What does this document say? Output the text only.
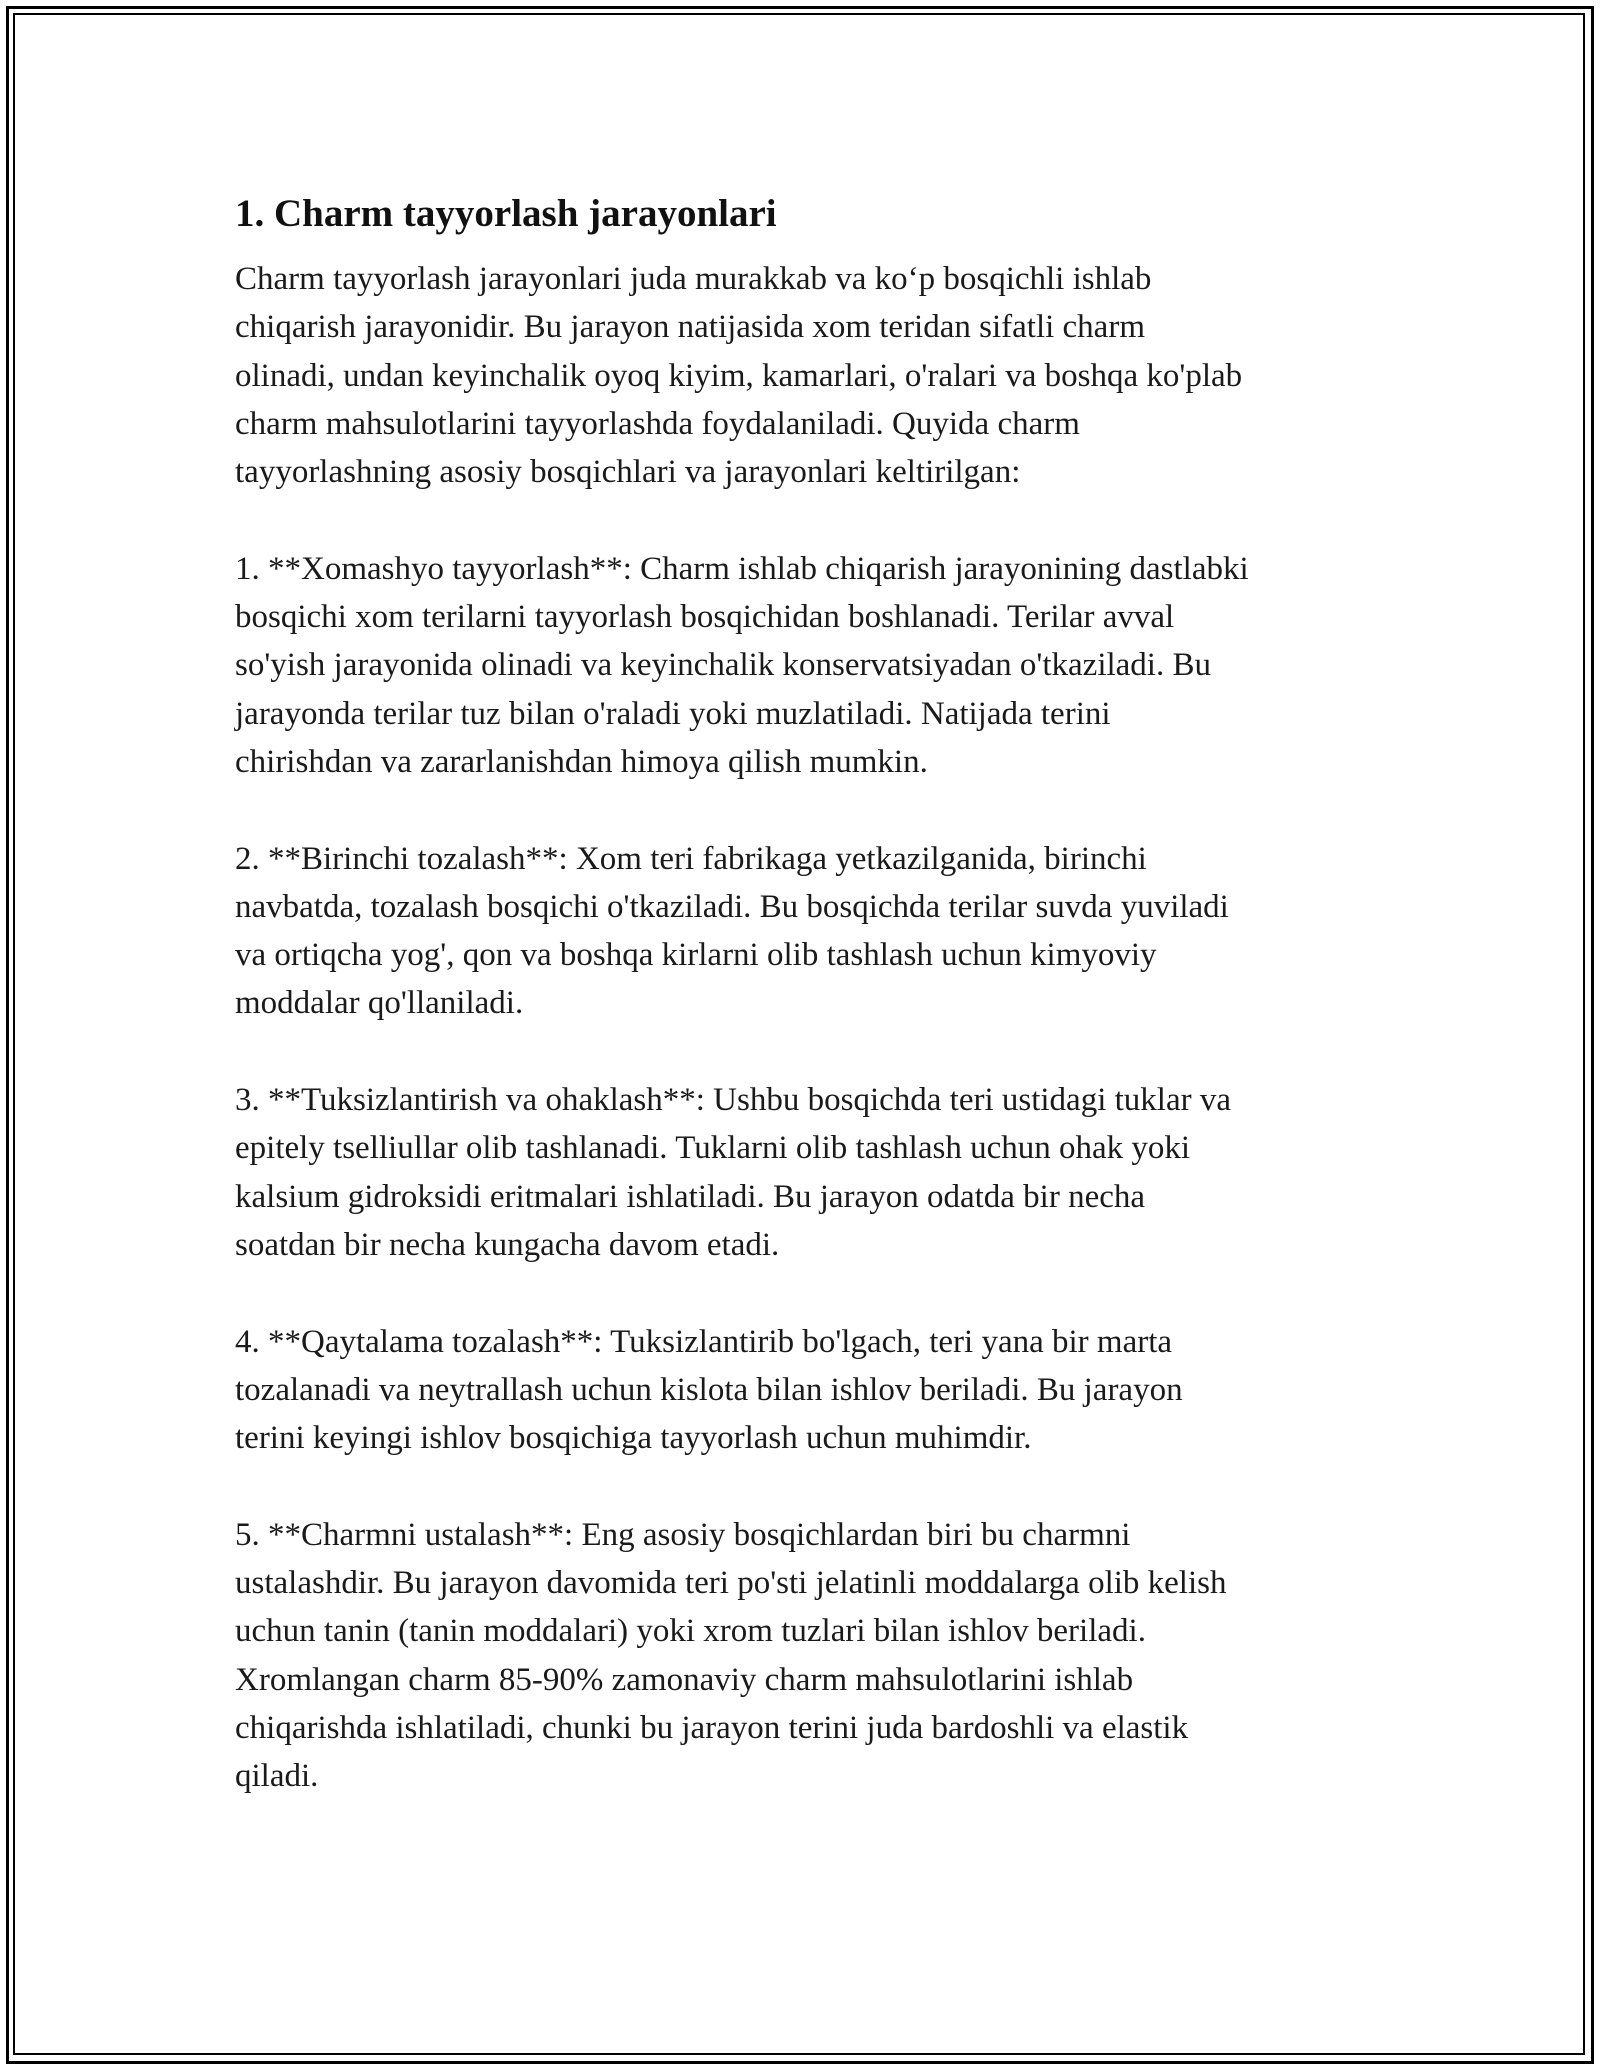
1. Charm tayyorlash jarayonlari

Charm tayyorlash jarayonlari juda murakkab va ko‘p bosqichli ishlab
chiqarish jarayonidir. Bu jarayon natijasida xom teridan sifatli charm
olinadi, undan keyinchalik oyoq kiyim, kamarlari, o'ralari va boshqa ko'plab
charm mahsulotlarini tayyorlashda foydalaniladi. Quyida charm
tayyorlashning asosiy bosqichlari va jarayonlari keltirilgan:

1. **Xomashyo tayyorlash**: Charm ishlab chiqarish jarayonining dastlabki
bosqichi xom terilarni tayyorlash bosqichidan boshlanadi. Terilar avval
so'yish jarayonida olinadi va keyinchalik konservatsiyadan o'tkaziladi. Bu
jarayonda terilar tuz bilan o'raladi yoki muzlatiladi. Natijada terini
chirishdan va zararlanishdan himoya qilish mumkin.

2. **Birinchi tozalash**: Xom teri fabrikaga yetkazilganida, birinchi
navbatda, tozalash bosqichi o'tkaziladi. Bu bosqichda terilar suvda yuviladi
va ortiqcha yog', qon va boshqa kirlarni olib tashlash uchun kimyoviy
moddalar qo'llaniladi.

3. **Tuksizlantirish va ohaklash**: Ushbu bosqichda teri ustidagi tuklar va
epitely tselliullar olib tashlanadi. Tuklarni olib tashlash uchun ohak yoki
kalsium gidroksidi eritmalari ishlatiladi. Bu jarayon odatda bir necha
soatdan bir necha kungacha davom etadi.

4. **Qaytalama tozalash**: Tuksizlantirib bo'lgach, teri yana bir marta
tozalanadi va neytrallash uchun kislota bilan ishlov beriladi. Bu jarayon
terini keyingi ishlov bosqichiga tayyorlash uchun muhimdir.

5. **Charmni ustalash**: Eng asosiy bosqichlardan biri bu charmni
ustalashdir. Bu jarayon davomida teri po'sti jelatinli moddalarga olib kelish
uchun tanin (tanin moddalari) yoki xrom tuzlari bilan ishlov beriladi.
Xromlangan charm 85-90% zamonaviy charm mahsulotlarini ishlab
chiqarishda ishlatiladi, chunki bu jarayon terini juda bardoshli va elastik
qiladi.
